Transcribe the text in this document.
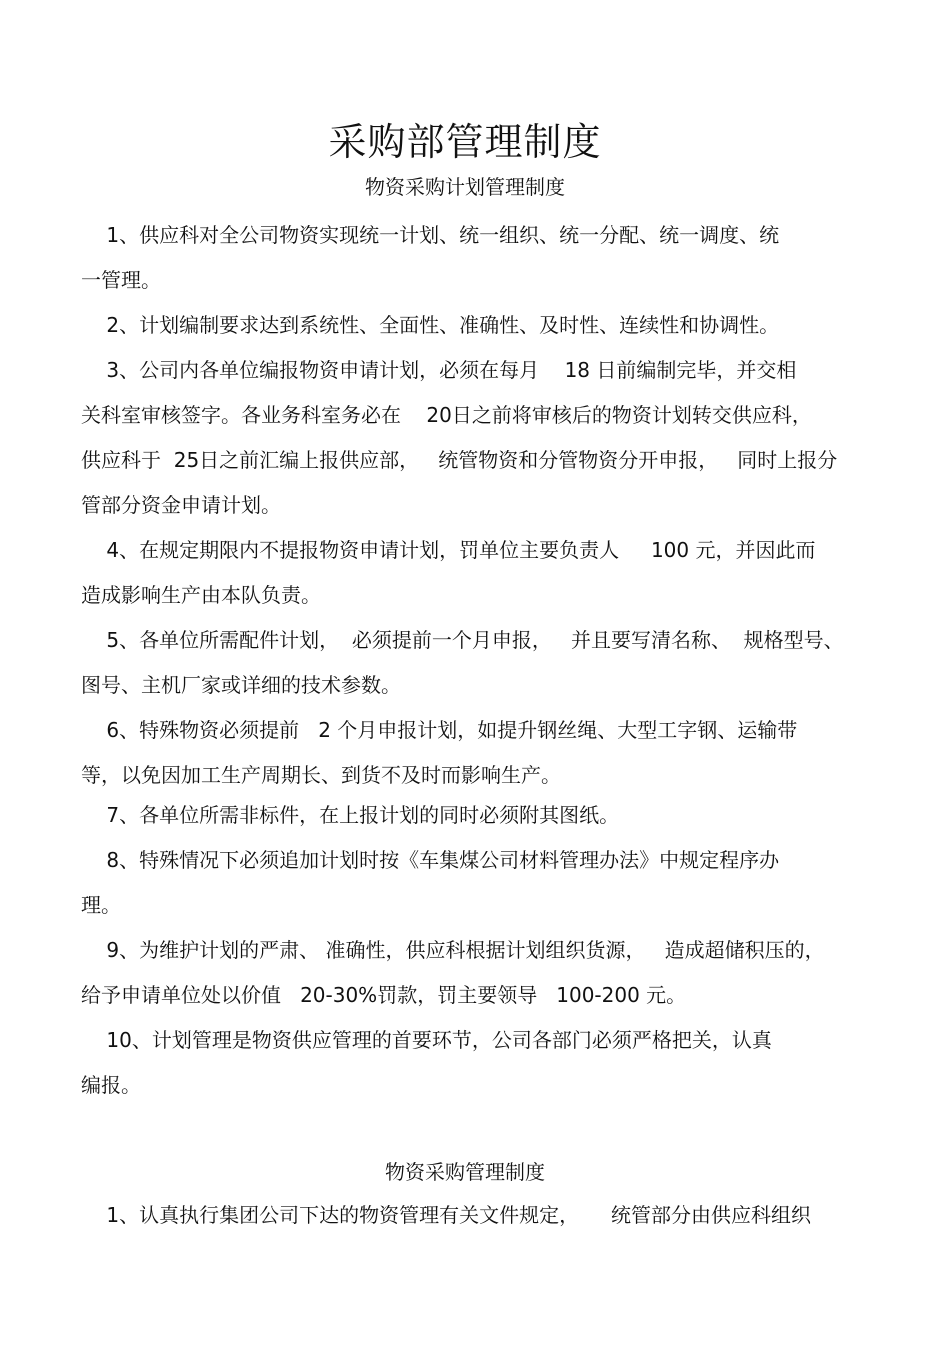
采购部管理制度
物资采购计划管理制度
1、供应科对全公司物资实现统一计划、统一组织、统一分配、统一调度、统
一管理。
2、计划编制要求达到系统性、全面性、准确性、及时性、连续性和协调性。
3、公司内各单位编报物资申请计划，必须在每月    18 日前编制完毕，并交相
关科室审核签字。各业务科室务必在    20日之前将审核后的物资计划转交供应科，
供应科于  25日之前汇编上报供应部，   统管物资和分管物资分开申报，   同时上报分
管部分资金申请计划。
4、在规定期限内不提报物资申请计划，罚单位主要负责人     100 元，并因此而
造成影响生产由本队负责。
5、各单位所需配件计划，  必须提前一个月申报，   并且要写清名称、  规格型号、
图号、主机厂家或详细的技术参数。
6、特殊物资必须提前   2 个月申报计划，如提升钢丝绳、大型工字钢、运输带
等，以免因加工生产周期长、到货不及时而影响生产。
7、各单位所需非标件，在上报计划的同时必须附其图纸。
8、特殊情况下必须追加计划时按《车集煤公司材料管理办法》中规定程序办
理。
9、为维护计划的严肃、 准确性，供应科根据计划组织货源，   造成超储积压的，
给予申请单位处以价值   20-30%罚款，罚主要领导   100-200 元。
10、计划管理是物资供应管理的首要环节，公司各部门必须严格把关，认真
编报。
物资采购管理制度
1、认真执行集团公司下达的物资管理有关文件规定，     统管部分由供应科组织
